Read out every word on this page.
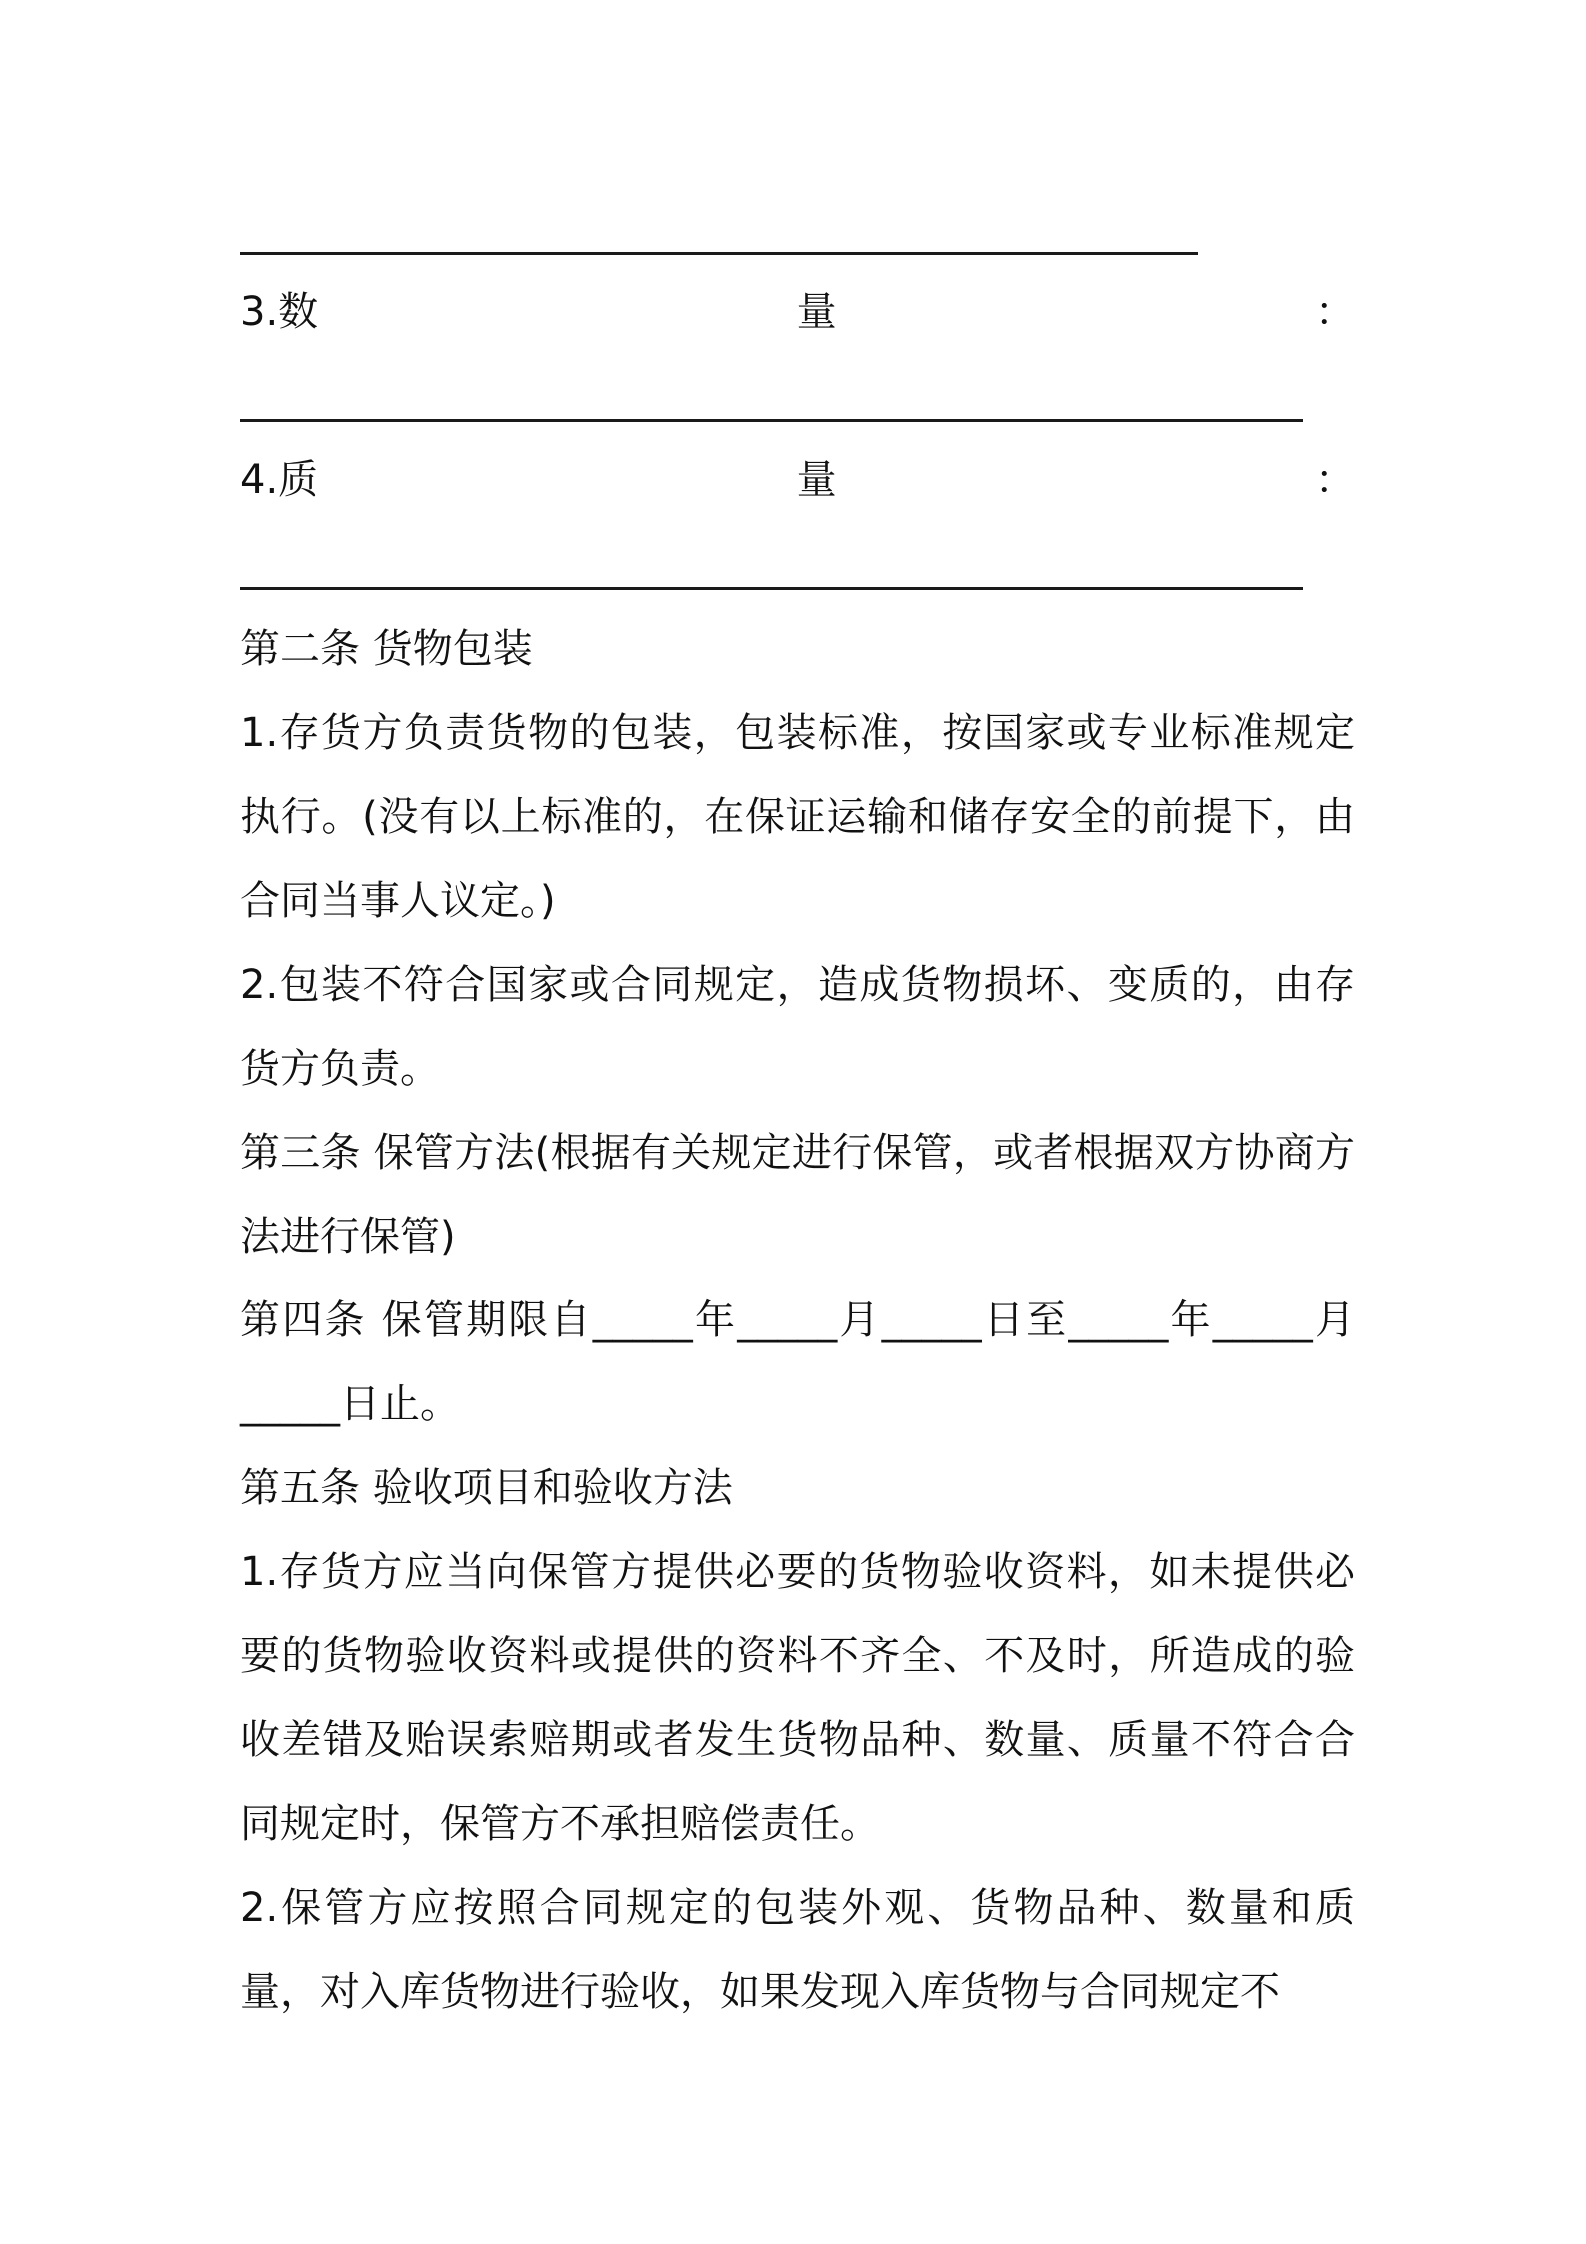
3.数	量	：
4.质	量	：

第二条 货物包装

1.存货方负责货物的包装，包装标准，按国家或专业标准规定执行。(没有以上标准的，在保证运输和储存安全的前提下，由合同当事人议定。)

2.包装不符合国家或合同规定，造成货物损坏、变质的，由存货方负责。

第三条 保管方法(根据有关规定进行保管，或者根据双方协商方法进行保管)

第四条 保管期限自_____年_____月_____日至_____年_____月_____日止。

第五条 验收项目和验收方法

1.存货方应当向保管方提供必要的货物验收资料，如未提供必要的货物验收资料或提供的资料不齐全、不及时，所造成的验收差错及贻误索赔期或者发生货物品种、数量、质量不符合合同规定时，保管方不承担赔偿责任。

2.保管方应按照合同规定的包装外观、货物品种、数量和质量，对入库货物进行验收，如果发现入库货物与合同规定不
